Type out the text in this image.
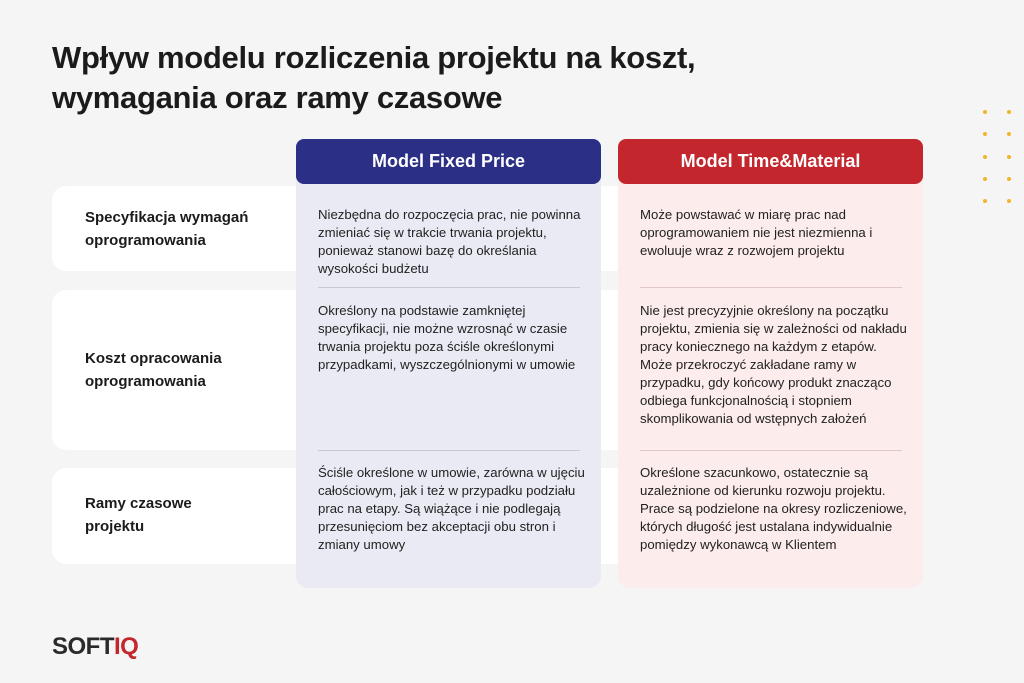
Wpływ modelu rozliczenia projektu na koszt,
wymagania oraz ramy czasowe
Model Fixed Price	Model Time&Material
Specyfikacja wymagań
oprogramowania
Koszt opracowania
oprogramowania
Ramy czasowe
projektu
Niezbędna do rozpoczęcia prac, nie powinna zmieniać się w trakcie trwania projektu, ponieważ stanowi bazę do określania wysokości budżetu
Określony na podstawie zamkniętej specyfikacji, nie możne wzrosnąć w czasie trwania projektu poza ściśle określonymi przypadkami, wyszczególnionymi w umowie
Ściśle określone w umowie, zarówna w ujęciu całościowym, jak i też w przypadku podziału prac na etapy. Są wiążące i nie podlegają przesunięciom bez akceptacji obu stron i zmiany umowy
Może powstawać w miarę prac nad oprogramowaniem nie jest niezmienna i ewoluuje wraz z rozwojem projektu
Nie jest precyzyjnie określony na początku projektu, zmienia się w zależności od nakładu pracy koniecznego na każdym z etapów. Może przekroczyć zakładane ramy w przypadku, gdy końcowy produkt znacząco odbiega funkcjonalnością i stopniem skomplikowania od wstępnych założeń
Określone szacunkowo, ostatecznie są uzależnione od kierunku rozwoju projektu. Prace są podzielone na okresy rozliczeniowe, których długość jest ustalana indywidualnie pomiędzy wykonawcą w Klientem
SOFTIQ
